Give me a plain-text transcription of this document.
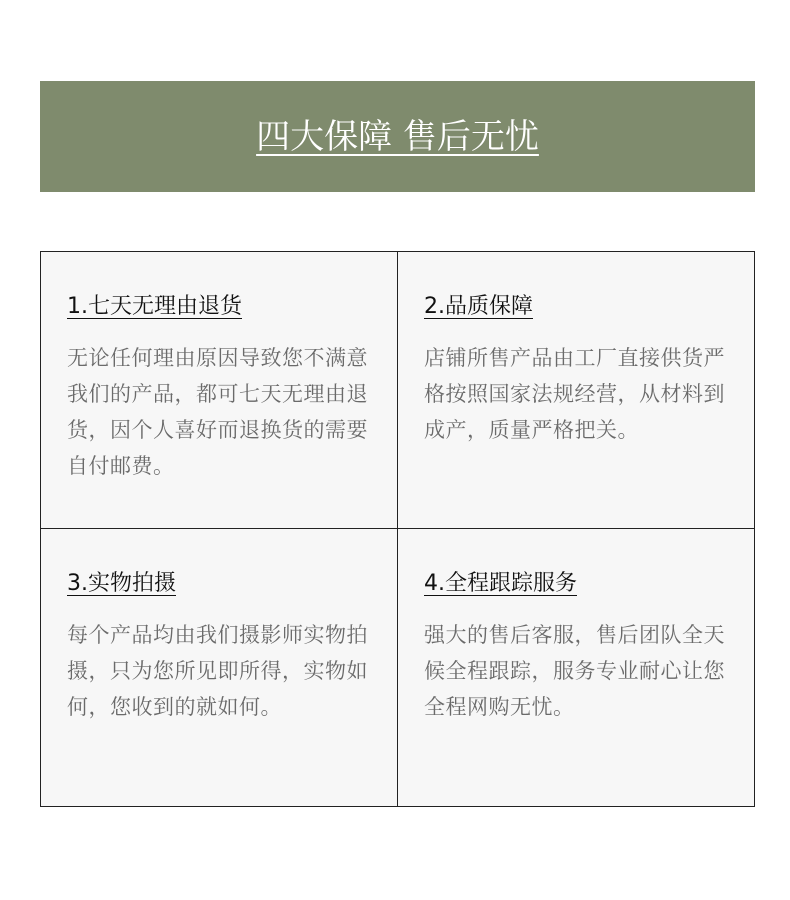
四大保障 售后无忧
1.七天无理由退货

无论任何理由原因导致您不满意我们的产品，都可七天无理由退货，因个人喜好而退换货的需要自付邮费。

2.品质保障

店铺所售产品由工厂直接供货严格按照国家法规经营，从材料到成产，质量严格把关。

3.实物拍摄

每个产品均由我们摄影师实物拍摄，只为您所见即所得，实物如何，您收到的就如何。

4.全程跟踪服务

强大的售后客服，售后团队全天候全程跟踪，服务专业耐心让您全程网购无忧。
